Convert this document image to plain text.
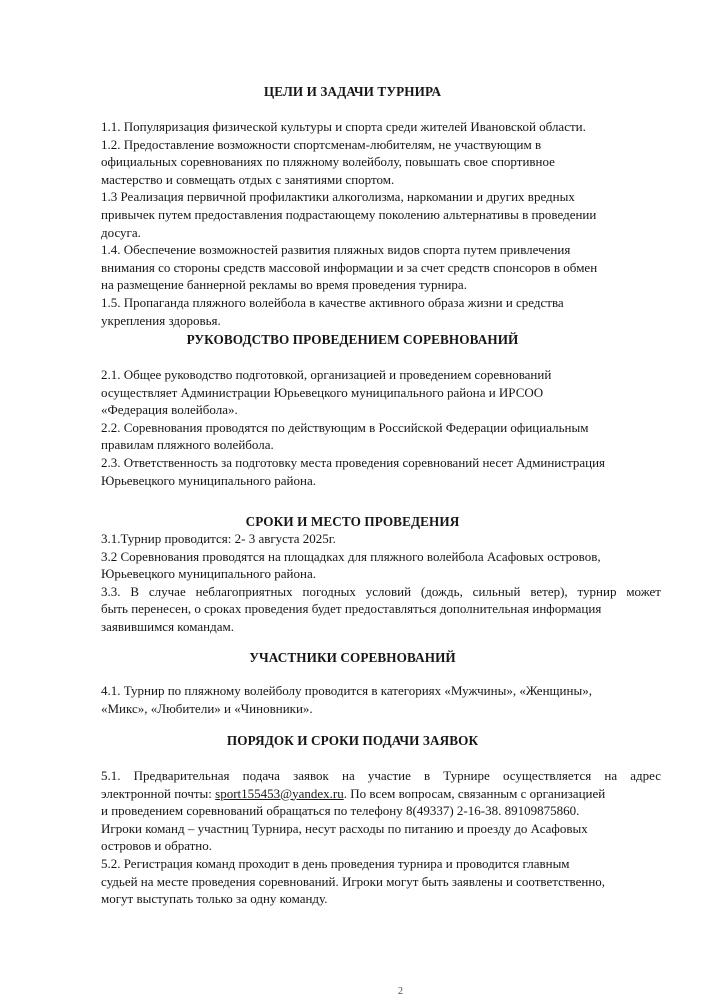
ЦЕЛИ И ЗАДАЧИ ТУРНИРА
1.1. Популяризация физической культуры и спорта среди жителей Ивановской области.
1.2. Предоставление возможности спортсменам-любителям, не участвующим в
официальных соревнованиях по пляжному волейболу, повышать свое спортивное
мастерство и совмещать отдых с занятиями спортом.
1.3 Реализация первичной профилактики алкоголизма, наркомании и других вредных
привычек путем предоставления подрастающему поколению альтернативы в проведении
досуга.
1.4. Обеспечение возможностей развития пляжных видов спорта путем привлечения
внимания со стороны средств массовой информации и за счет средств спонсоров в обмен
на размещение баннерной рекламы во время проведения турнира.
1.5. Пропаганда пляжного волейбола в качестве активного образа жизни и средства
укрепления здоровья.
РУКОВОДСТВО ПРОВЕДЕНИЕМ СОРЕВНОВАНИЙ
2.1. Общее руководство подготовкой, организацией и проведением соревнований
осуществляет Администрации Юрьевецкого муниципального района и ИРСОО
«Федерация волейбола».
2.2. Соревнования проводятся по действующим в Российской Федерации официальным
правилам пляжного волейбола.
2.3. Ответственность за подготовку места проведения соревнований несет Администрация
Юрьевецкого муниципального района.
СРОКИ И МЕСТО ПРОВЕДЕНИЯ
3.1.Турнир проводится: 2- 3 августа 2025г.
3.2 Соревнования проводятся на площадках для пляжного волейбола Асафовых островов,
Юрьевецкого муниципального района.
3.3. В случае неблагоприятных погодных условий (дождь, сильный ветер), турнир может
быть перенесен, о сроках проведения будет предоставляться дополнительная информация
заявившимся командам.
УЧАСТНИКИ СОРЕВНОВАНИЙ
4.1. Турнир по пляжному волейболу проводится в категориях «Мужчины», «Женщины»,
«Микс», «Любители» и «Чиновники».
ПОРЯДОК И СРОКИ ПОДАЧИ ЗАЯВОК
5.1. Предварительная подача заявок на участие в Турнире осуществляется на адрес
электронной почты: sport155453@yandex.ru. По всем вопросам, связанным с организацией
и проведением соревнований обращаться по телефону 8(49337) 2-16-38. 89109875860.
Игроки команд – участниц Турнира, несут расходы по питанию и проезду до Асафовых
островов и обратно.
5.2. Регистрация команд проходит в день проведения турнира и проводится главным
судьей на месте проведения соревнований. Игроки могут быть заявлены и соответственно,
могут выступать только за одну команду.
2
